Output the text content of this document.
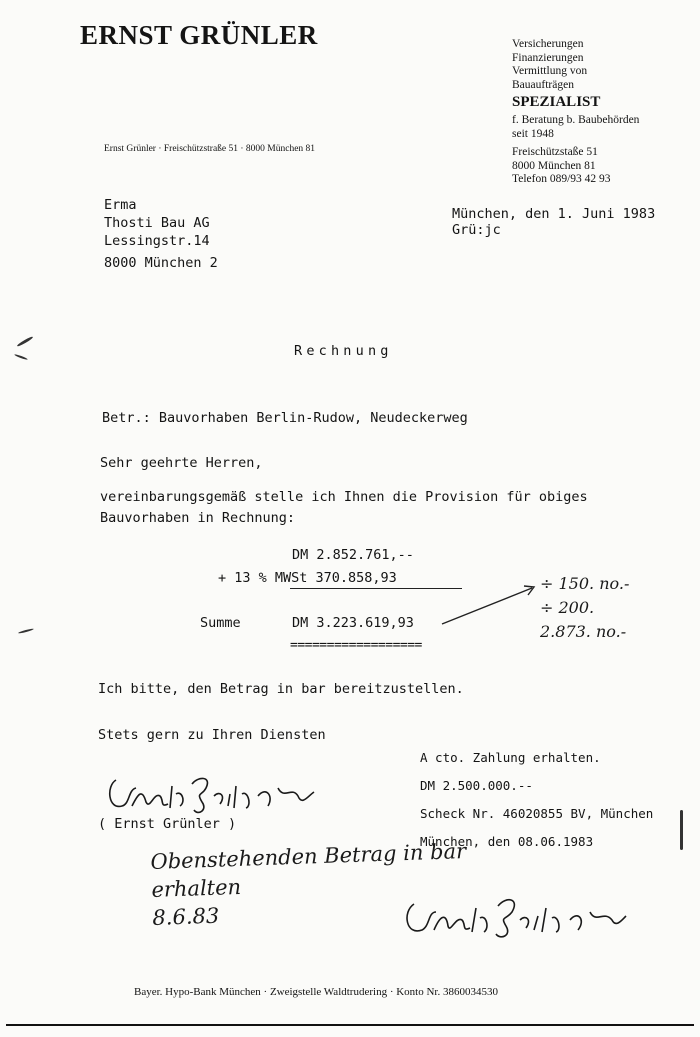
ERNST GRÜNLER
Ernst Grünler · Freischützstraße 51 · 8000 München 81
Versicherungen
Finanzierungen
Vermittlung von
Bauaufträgen
SPEZIALIST
f. Beratung b. Baubehörden
seit 1948
Freischützstaße 51
8000 München 81
Telefon 089/93 42 93
Erma
Thosti Bau AG
Lessingstr.14
8000 München 2
München, den 1. Juni 1983
Grü:jc
Rechnung
Betr.: Bauvorhaben Berlin-Rudow, Neudeckerweg
Sehr geehrte Herren,
vereinbarungsgemäß stelle ich Ihnen die Provision für obiges
Bauvorhaben in Rechnung:
DM 2.852.761,--
+ 13 % MWSt 370.858,93
Summe	DM 3.223.619,93
==================
÷ 150. no.-
÷ 200.
2.873. no.-
Ich bitte, den Betrag in bar bereitzustellen.
Stets gern zu Ihren Diensten
A cto. Zahlung erhalten.
DM 2.500.000.--
Scheck Nr. 46020855 BV, München
München, den 08.06.1983
( Ernst Grünler )
Obenstehenden Betrag in bar
erhalten
8.6.83
Bayer. Hypo-Bank München · Zweigstelle Waldtrudering · Konto Nr. 3860034530
